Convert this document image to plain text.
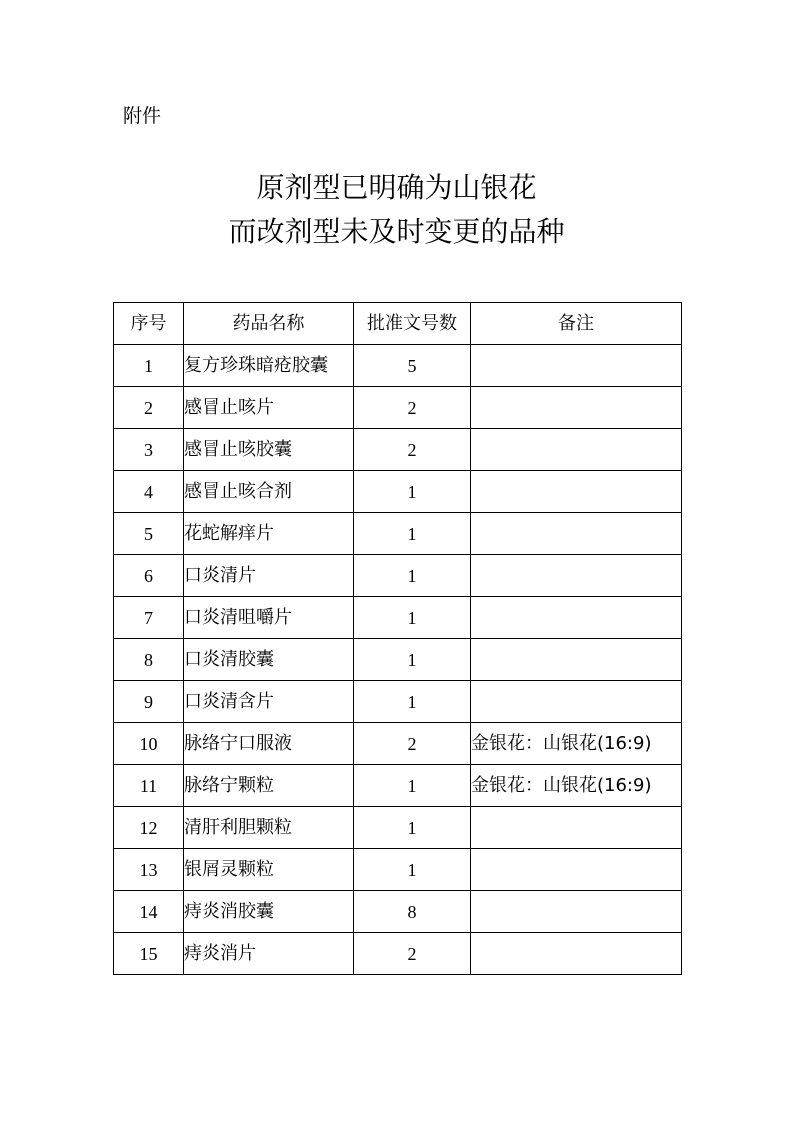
附件
原剂型已明确为山银花
而改剂型未及时变更的品种
序号	药品名称	批准文号数	备注
1	复方珍珠暗疮胶囊	5	
2	感冒止咳片	2	
3	感冒止咳胶囊	2	
4	感冒止咳合剂	1	
5	花蛇解痒片	1	
6	口炎清片	1	
7	口炎清咀嚼片	1	
8	口炎清胶囊	1	
9	口炎清含片	1	
10	脉络宁口服液	2	金银花：山银花(16:9)
11	脉络宁颗粒	1	金银花：山银花(16:9)
12	清肝利胆颗粒	1	
13	银屑灵颗粒	1	
14	痔炎消胶囊	8	
15	痔炎消片	2	
